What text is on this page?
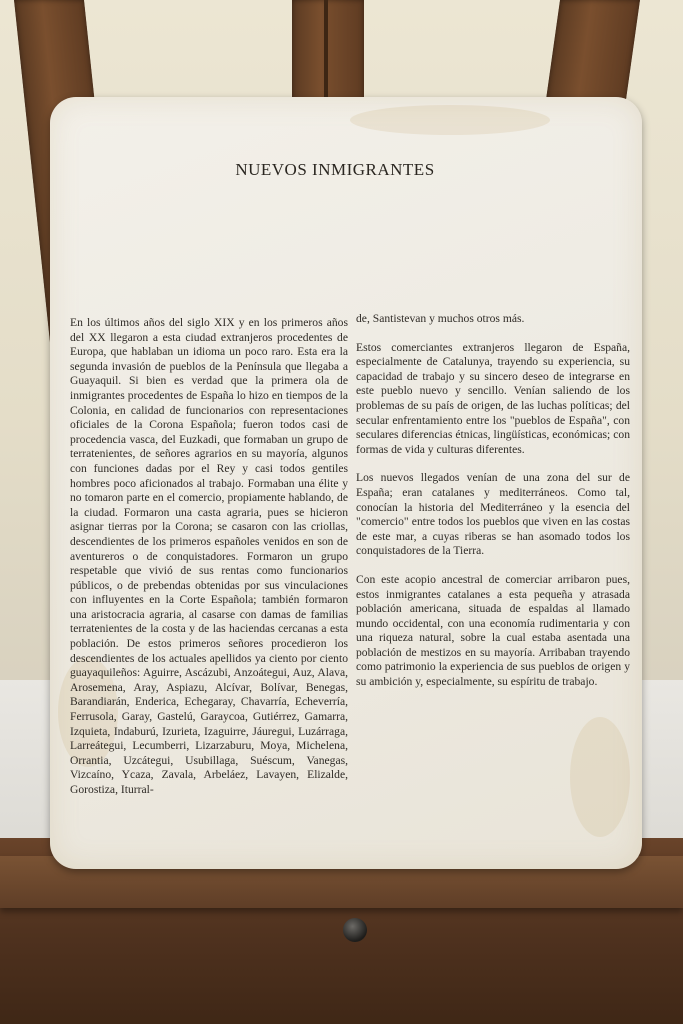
NUEVOS INMIGRANTES

En los últimos años del siglo XIX y en los primeros años del XX llegaron a esta ciudad extranjeros procedentes de Europa, que hablaban un idioma un poco raro. Esta era la segunda invasión de pueblos de la Península que llegaba a Guayaquil. Si bien es verdad que la primera ola de inmigrantes procedentes de España lo hizo en tiempos de la Colonia, en calidad de funcionarios con representaciones oficiales de la Corona Española; fueron todos casi de procedencia vasca, del Euzkadi, que formaban un grupo de terratenientes, de señores agrarios en su mayoría, algunos con funciones dadas por el Rey y casi todos gentiles hombres poco aficionados al trabajo. Formaban una élite y no tomaron parte en el comercio, propiamente hablando, de la ciudad. Formaron una casta agraria, pues se hicieron asignar tierras por la Corona; se casaron con las criollas, descendientes de los primeros españoles venidos en son de aventureros o de conquistadores. Formaron un grupo respetable que vivió de sus rentas como funcionarios públicos, o de prebendas obtenidas por sus vinculaciones con influyentes en la Corte Española; también formaron una aristocracia agraria, al casarse con damas de familias terratenientes de la costa y de las haciendas cercanas a esta población. De estos primeros señores procedieron los descendientes de los actuales apellidos ya ciento por ciento guayaquileños: Aguirre, Ascázubi, Anzoátegui, Auz, Alava, Arosemena, Aray, Aspiazu, Alcívar, Bolívar, Benegas, Barandiarán, Enderica, Echegaray, Chavarría, Echeverría, Ferrusola, Garay, Gastelú, Garaycoa, Gutiérrez, Gamarra, Izquieta, Indaburú, Izurieta, Izaguirre, Jáuregui, Luzárraga, Larreátegui, Lecumberri, Lizarzaburu, Moya, Michelena, Orrantia, Uzcátegui, Usubillaga, Suéscum, Vanegas, Vizcaíno, Ycaza, Zavala, Arbeláez, Lavayen, Elizalde, Gorostiza, Iturral-

de, Santistevan y muchos otros más.

Estos comerciantes extranjeros llegaron de España, especialmente de Catalunya, trayendo su experiencia, su capacidad de trabajo y su sincero deseo de integrarse en este pueblo nuevo y sencillo. Venían saliendo de los problemas de su país de origen, de las luchas políticas; del secular enfrentamiento entre los "pueblos de España", con seculares diferencias étnicas, lingüísticas, económicas; con formas de vida y culturas diferentes.

Los nuevos llegados venían de una zona del sur de España; eran catalanes y mediterráneos. Como tal, conocían la historia del Mediterráneo y la esencia del "comercio" entre todos los pueblos que viven en las costas de este mar, a cuyas riberas se han asomado todos los conquistadores de la Tierra.

Con este acopio ancestral de comerciar arribaron pues, estos inmigrantes catalanes a esta pequeña y atrasada población americana, situada de espaldas al llamado mundo occidental, con una economía rudimentaria y con una riqueza natural, sobre la cual estaba asentada una población de mestizos en su mayoría. Arribaban trayendo como patrimonio la experiencia de sus pueblos de origen y su ambición y, especialmente, su espíritu de trabajo.
